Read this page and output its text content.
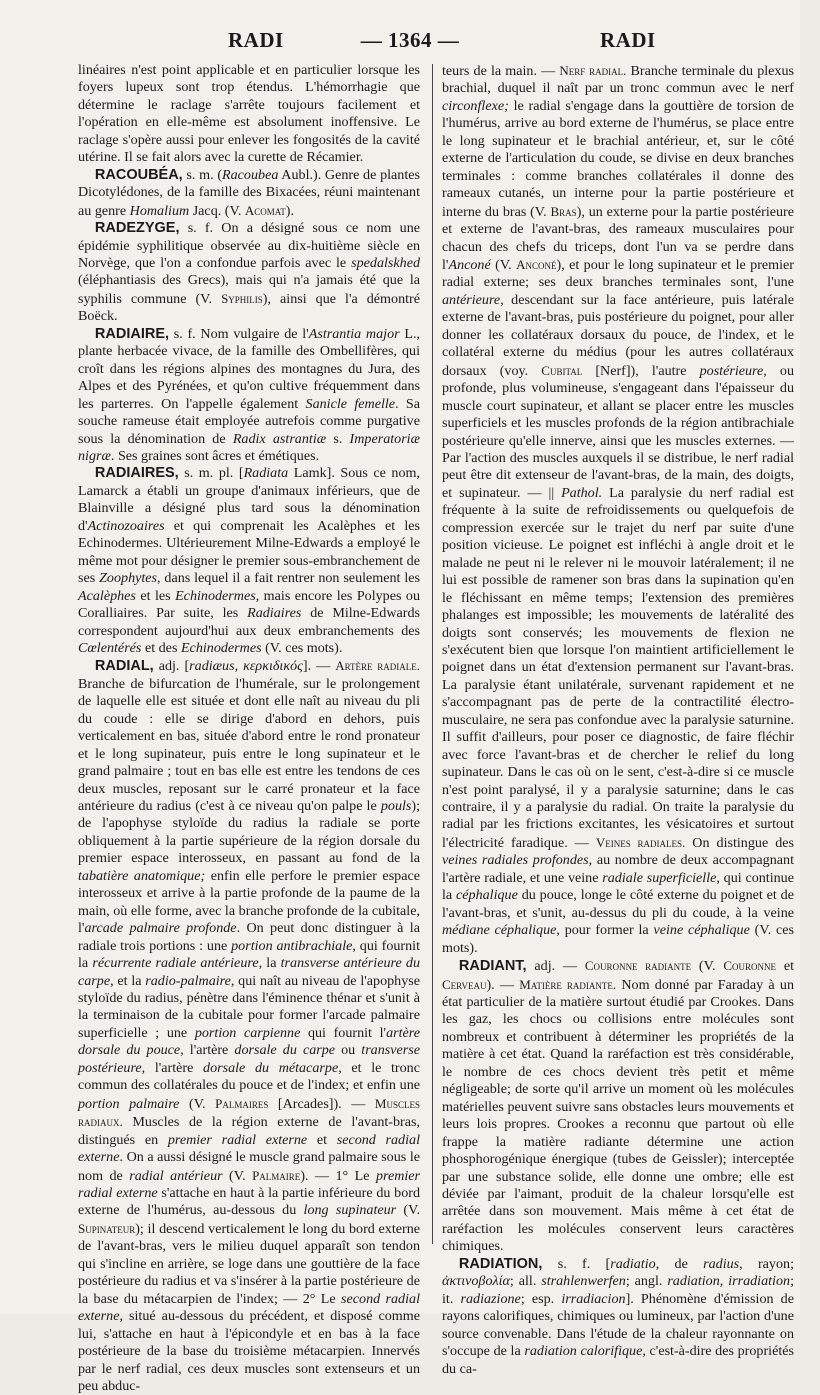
RADI	— 1364 —	RADI

linéaires n'est point applicable et en particulier lorsque les foyers lupeux sont trop étendus. L'hémorrhagie que détermine le raclage s'arrête toujours facilement et l'opération en elle-même est absolument inoffensive. Le raclage s'opère aussi pour enlever les fongosités de la cavité utérine. Il se fait alors avec la curette de Récamier.

RACOUBÉA, s. m. (Racoubea Aubl.). Genre de plantes Dicotylédones, de la famille des Bixacées, réuni maintenant au genre Homalium Jacq. (V. Acomat).

RADEZYGE, s. f. On a désigné sous ce nom une épidémie syphilitique observée au dix-huitième siècle en Norvège, que l'on a confondue parfois avec le spedalskhed (éléphantiasis des Grecs), mais qui n'a jamais été que la syphilis commune (V. Syphilis), ainsi que l'a démontré Boëck.

RADIAIRE, s. f. Nom vulgaire de l'Astrantia major L., plante herbacée vivace, de la famille des Ombellifères, qui croît dans les régions alpines des montagnes du Jura, des Alpes et des Pyrénées, et qu'on cultive fréquemment dans les parterres. On l'appelle également Sanicle femelle. Sa souche rameuse était employée autrefois comme purgative sous la dénomination de Radix astrantiæ s. Imperatoriæ nigræ. Ses graines sont âcres et émétiques.

RADIAIRES, s. m. pl. [Radiata Lamk]. Sous ce nom, Lamarck a établi un groupe d'animaux inférieurs, que de Blainville a désigné plus tard sous la dénomination d'Actinozoaires et qui comprenait les Acalèphes et les Echinodermes. Ultérieurement Milne-Edwards a employé le même mot pour désigner le premier sous-embranchement de ses Zoophytes, dans lequel il a fait rentrer non seulement les Acalèphes et les Echinodermes, mais encore les Polypes ou Coralliaires. Par suite, les Radiaires de Milne-Edwards correspondent aujourd'hui aux deux embranchements des Cœlentérés et des Echinodermes (V. ces mots).

RADIAL, adj. [radiæus, κερκιδικός]. — Artère radiale. Branche de bifurcation de l'humérale, sur le prolongement de laquelle elle est située et dont elle naît au niveau du pli du coude : elle se dirige d'abord en dehors, puis verticalement en bas, située d'abord entre le rond pronateur et le long supinateur, puis entre le long supinateur et le grand palmaire ; tout en bas elle est entre les tendons de ces deux muscles, reposant sur le carré pronateur et la face antérieure du radius (c'est à ce niveau qu'on palpe le pouls); de l'apophyse styloïde du radius la radiale se porte obliquement à la partie supérieure de la région dorsale du premier espace interosseux, en passant au fond de la tabatière anatomique; enfin elle perfore le premier espace interosseux et arrive à la partie profonde de la paume de la main, où elle forme, avec la branche profonde de la cubitale, l'arcade palmaire profonde. On peut donc distinguer à la radiale trois portions : une portion antibrachiale, qui fournit la récurrente radiale antérieure, la transverse antérieure du carpe, et la radio-palmaire, qui naît au niveau de l'apophyse styloïde du radius, pénètre dans l'éminence thénar et s'unit à la terminaison de la cubitale pour former l'arcade palmaire superficielle ; une portion carpienne qui fournit l'artère dorsale du pouce, l'artère dorsale du carpe ou transverse postérieure, l'artère dorsale du métacarpe, et le tronc commun des collatérales du pouce et de l'index; et enfin une portion palmaire (V. Palmaires [Arcades]). — Muscles radiaux. Muscles de la région externe de l'avant-bras, distingués en premier radial externe et second radial externe. On a aussi désigné le muscle grand palmaire sous le nom de radial antérieur (V. Palmaire). — 1° Le premier radial externe s'attache en haut à la partie inférieure du bord externe de l'humérus, au-dessous du long supinateur (V. Supinateur); il descend verticalement le long du bord externe de l'avant-bras, vers le milieu duquel apparaît son tendon qui s'incline en arrière, se loge dans une gouttière de la face postérieure du radius et va s'insérer à la partie postérieure de la base du métacarpien de l'index; — 2° Le second radial externe, situé au-dessous du précédent, et disposé comme lui, s'attache en haut à l'épicondyle et en bas à la face postérieure de la base du troisième métacarpien. Innervés par le nerf radial, ces deux muscles sont extenseurs et un peu abduc-

teurs de la main. — Nerf radial. Branche terminale du plexus brachial, duquel il naît par un tronc commun avec le nerf circonflexe; le radial s'engage dans la gouttière de torsion de l'humérus, arrive au bord externe de l'humérus, se place entre le long supinateur et le brachial antérieur, et, sur le côté externe de l'articulation du coude, se divise en deux branches terminales : comme branches collatérales il donne des rameaux cutanés, un interne pour la partie postérieure et interne du bras (V. Bras), un externe pour la partie postérieure et externe de l'avant-bras, des rameaux musculaires pour chacun des chefs du triceps, dont l'un va se perdre dans l'Anconé (V. Anconé), et pour le long supinateur et le premier radial externe; ses deux branches terminales sont, l'une antérieure, descendant sur la face antérieure, puis latérale externe de l'avant-bras, puis postérieure du poignet, pour aller donner les collatéraux dorsaux du pouce, de l'index, et le collatéral externe du médius (pour les autres collatéraux dorsaux (voy. Cubital [Nerf]), l'autre postérieure, ou profonde, plus volumineuse, s'engageant dans l'épaisseur du muscle court supinateur, et allant se placer entre les muscles superficiels et les muscles profonds de la région antibrachiale postérieure qu'elle innerve, ainsi que les muscles externes. — Par l'action des muscles auxquels il se distribue, le nerf radial peut être dit extenseur de l'avant-bras, de la main, des doigts, et supinateur. — || Pathol. La paralysie du nerf radial est fréquente à la suite de refroidissements ou quelquefois de compression exercée sur le trajet du nerf par suite d'une position vicieuse. Le poignet est infléchi à angle droit et le malade ne peut ni le relever ni le mouvoir latéralement; il ne lui est possible de ramener son bras dans la supination qu'en le fléchissant en même temps; l'extension des premières phalanges est impossible; les mouvements de latéralité des doigts sont conservés; les mouvements de flexion ne s'exécutent bien que lorsque l'on maintient artificiellement le poignet dans un état d'extension permanent sur l'avant-bras. La paralysie étant unilatérale, survenant rapidement et ne s'accompagnant pas de perte de la contractilité électro-musculaire, ne sera pas confondue avec la paralysie saturnine. Il suffit d'ailleurs, pour poser ce diagnostic, de faire fléchir avec force l'avant-bras et de chercher le relief du long supinateur. Dans le cas où on le sent, c'est-à-dire si ce muscle n'est point paralysé, il y a paralysie saturnine; dans le cas contraire, il y a paralysie du radial. On traite la paralysie du radial par les frictions excitantes, les vésicatoires et surtout l'électricité faradique. — Veines radiales. On distingue des veines radiales profondes, au nombre de deux accompagnant l'artère radiale, et une veine radiale superficielle, qui continue la céphalique du pouce, longe le côté externe du poignet et de l'avant-bras, et s'unit, au-dessus du pli du coude, à la veine médiane céphalique, pour former la veine céphalique (V. ces mots).

RADIANT, adj. — Couronne radiante (V. Couronne et Cerveau). — Matière radiante. Nom donné par Faraday à un état particulier de la matière surtout étudié par Crookes. Dans les gaz, les chocs ou collisions entre molécules sont nombreux et contribuent à déterminer les propriétés de la matière à cet état. Quand la raréfaction est très considérable, le nombre de ces chocs devient très petit et même négligeable; de sorte qu'il arrive un moment où les molécules matérielles peuvent suivre sans obstacles leurs mouvements et leurs lois propres. Crookes a reconnu que partout où elle frappe la matière radiante détermine une action phosphorogénique énergique (tubes de Geissler); interceptée par une substance solide, elle donne une ombre; elle est déviée par l'aimant, produit de la chaleur lorsqu'elle est arrêtée dans son mouvement. Mais même à cet état de raréfaction les molécules conservent leurs caractères chimiques.

RADIATION, s. f. [radiatio, de radius, rayon; ἀκτινοβολία; all. strahlenwerfen; angl. radiation, irradiation; it. radiazione; esp. irradiacion]. Phénomène d'émission de rayons calorifiques, chimiques ou lumineux, par l'action d'une source convenable. Dans l'étude de la chaleur rayonnante on s'occupe de la radiation calorifique, c'est-à-dire des propriétés du ca-
